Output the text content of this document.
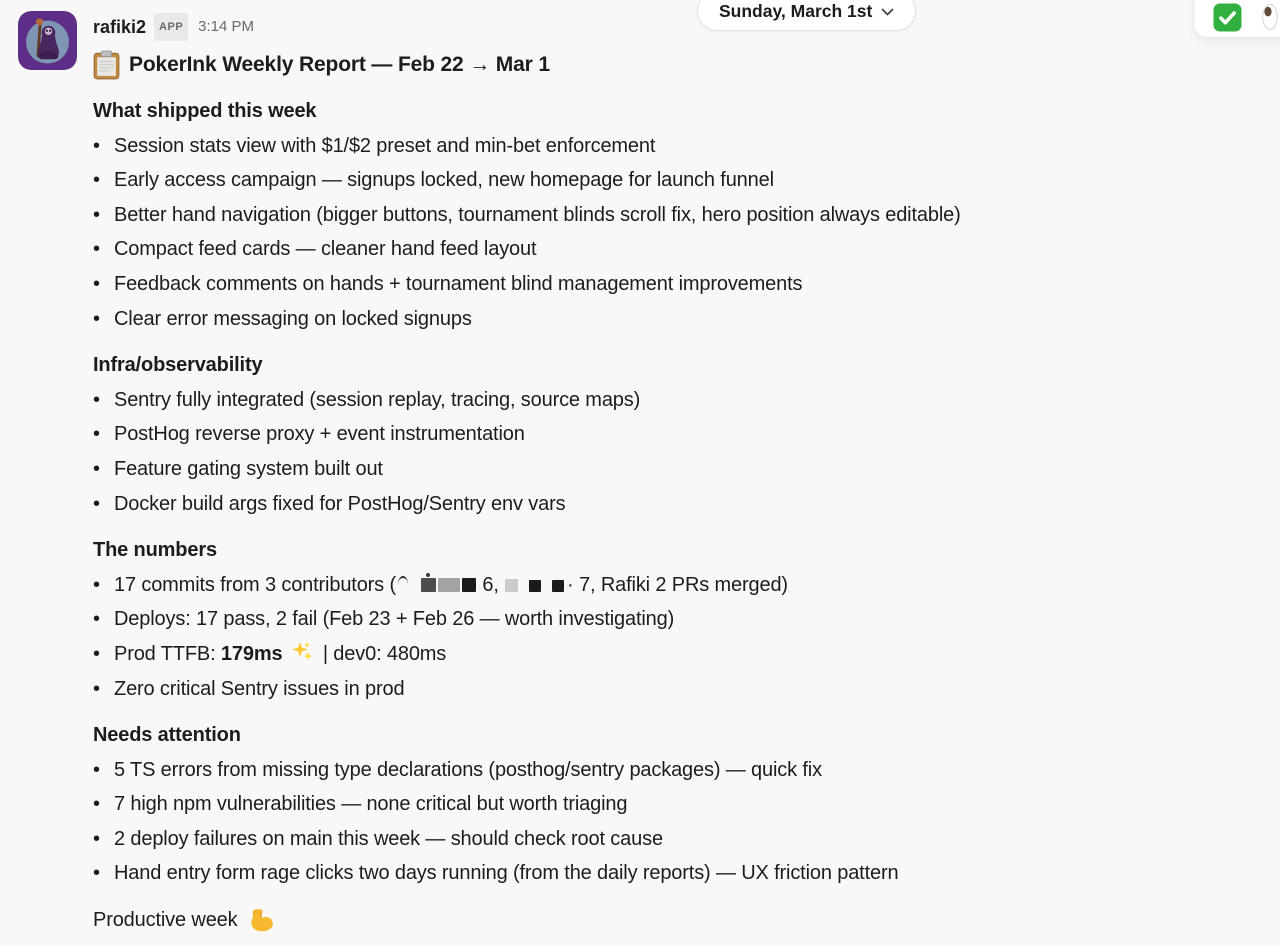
Sunday, March 1st
rafiki2	APP	3:14 PM
PokerInk Weekly Report — Feb 22 → Mar 1
What shipped this week
• Session stats view with $1/$2 preset and min-bet enforcement
• Early access campaign — signups locked, new homepage for launch funnel
• Better hand navigation (bigger buttons, tournament blinds scroll fix, hero position always editable)
• Compact feed cards — cleaner hand feed layout
• Feedback comments on hands + tournament blind management improvements
• Clear error messaging on locked signups
Infra/observability
• Sentry fully integrated (session replay, tracing, source maps)
• PostHog reverse proxy + event instrumentation
• Feature gating system built out
• Docker build args fixed for PostHog/Sentry env vars
The numbers
• 17 commits from 3 contributors (	6,	· 7, Rafiki 2 PRs merged)
• Deploys: 17 pass, 2 fail (Feb 23 + Feb 26 — worth investigating)
• Prod TTFB: 179ms | dev0: 480ms
• Zero critical Sentry issues in prod
Needs attention
• 5 TS errors from missing type declarations (posthog/sentry packages) — quick fix
• 7 high npm vulnerabilities — none critical but worth triaging
• 2 deploy failures on main this week — should check root cause
• Hand entry form rage clicks two days running (from the daily reports) — UX friction pattern
Productive week
